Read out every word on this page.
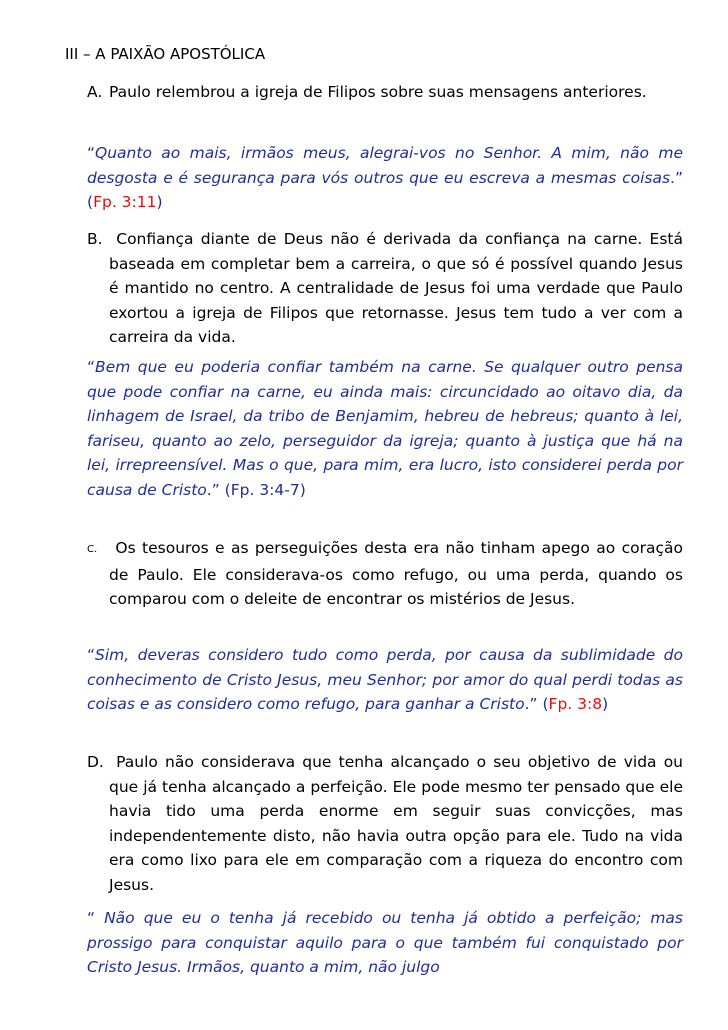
III – A PAIXÃO APOSTÓLICA

A. Paulo relembrou a igreja de Filipos sobre suas mensagens anteriores.

“Quanto ao mais, irmãos meus, alegrai-vos no Senhor. A mim, não me desgosta e é segurança para vós outros que eu escreva a mesmas coisas.” (Fp. 3:11)

B. Confiança diante de Deus não é derivada da confiança na carne. Está baseada em completar bem a carreira, o que só é possível quando Jesus é mantido no centro. A centralidade de Jesus foi uma verdade que Paulo exortou a igreja de Filipos que retornasse. Jesus tem tudo a ver com a carreira da vida.

“Bem que eu poderia confiar também na carne. Se qualquer outro pensa que pode confiar na carne, eu ainda mais: circuncidado ao oitavo dia, da linhagem de Israel, da tribo de Benjamim, hebreu de hebreus; quanto à lei, fariseu, quanto ao zelo, perseguidor da igreja; quanto à justiça que há na lei, irrepreensível. Mas o que, para mim, era lucro, isto considerei perda por causa de Cristo.” (Fp. 3:4-7)

C. Os tesouros e as perseguições desta era não tinham apego ao coração de Paulo. Ele considerava-os como refugo, ou uma perda, quando os comparou com o deleite de encontrar os mistérios de Jesus.

“Sim, deveras considero tudo como perda, por causa da sublimidade do conhecimento de Cristo Jesus, meu Senhor; por amor do qual perdi todas as coisas e as considero como refugo, para ganhar a Cristo.” (Fp. 3:8)

D. Paulo não considerava que tenha alcançado o seu objetivo de vida ou que já tenha alcançado a perfeição. Ele pode mesmo ter pensado que ele havia tido uma perda enorme em seguir suas convicções, mas independentemente disto, não havia outra opção para ele. Tudo na vida era como lixo para ele em comparação com a riqueza do encontro com Jesus.

“ Não que eu o tenha já recebido ou tenha já obtido a perfeição; mas prossigo para conquistar aquilo para o que também fui conquistado por Cristo Jesus. Irmãos, quanto a mim, não julgo
